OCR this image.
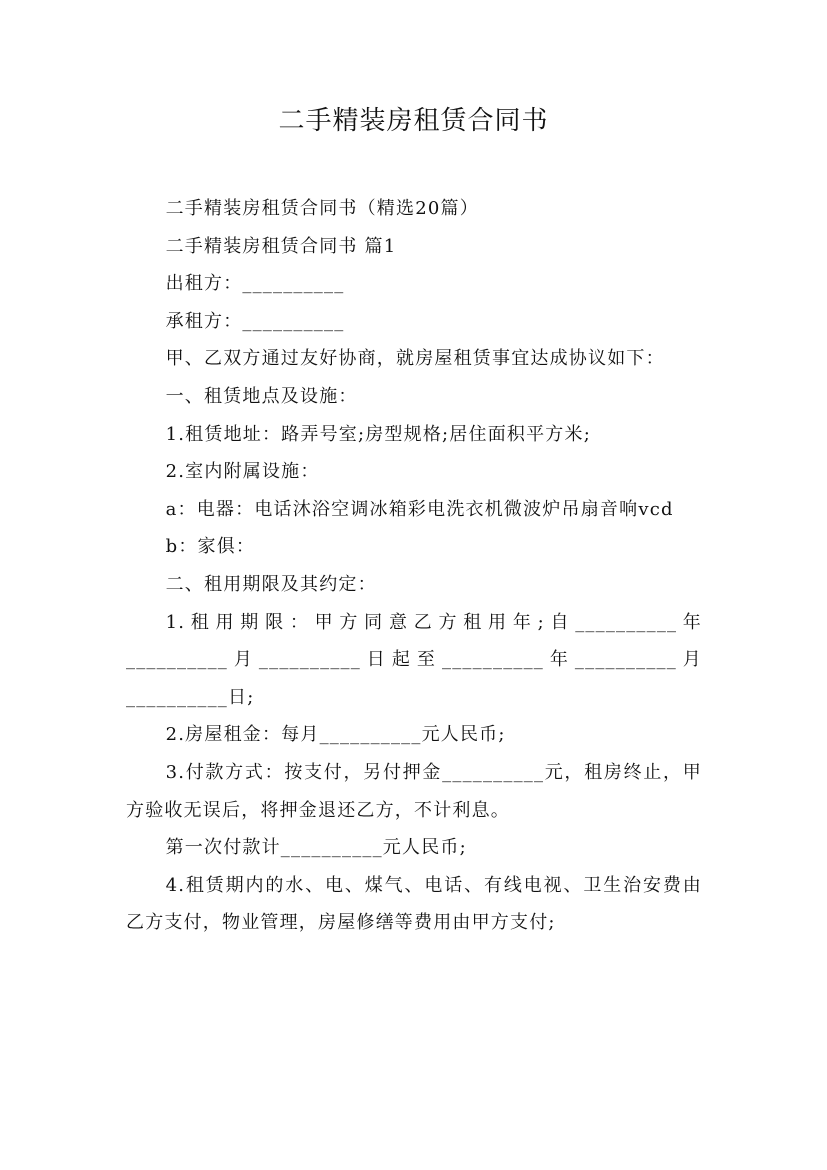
二手精装房租赁合同书

二手精装房租赁合同书（精选20篇）

二手精装房租赁合同书 篇1

出租方：__________

承租方：__________

甲、乙双方通过友好协商，就房屋租赁事宜达成协议如下：

一、租赁地点及设施：

1.租赁地址：路弄号室;房型规格;居住面积平方米;

2.室内附属设施：

a：电器：电话沐浴空调冰箱彩电洗衣机微波炉吊扇音响vcd

b：家俱：

二、租用期限及其约定：

1.租用期限：甲方同意乙方租用年;自__________年__________月__________日起至__________年__________月__________日;

2.房屋租金：每月__________元人民币;

3.付款方式：按支付，另付押金__________元，租房终止，甲方验收无误后，将押金退还乙方，不计利息。

第一次付款计__________元人民币;

4.租赁期内的水、电、煤气、电话、有线电视、卫生治安费由乙方支付，物业管理，房屋修缮等费用由甲方支付;
